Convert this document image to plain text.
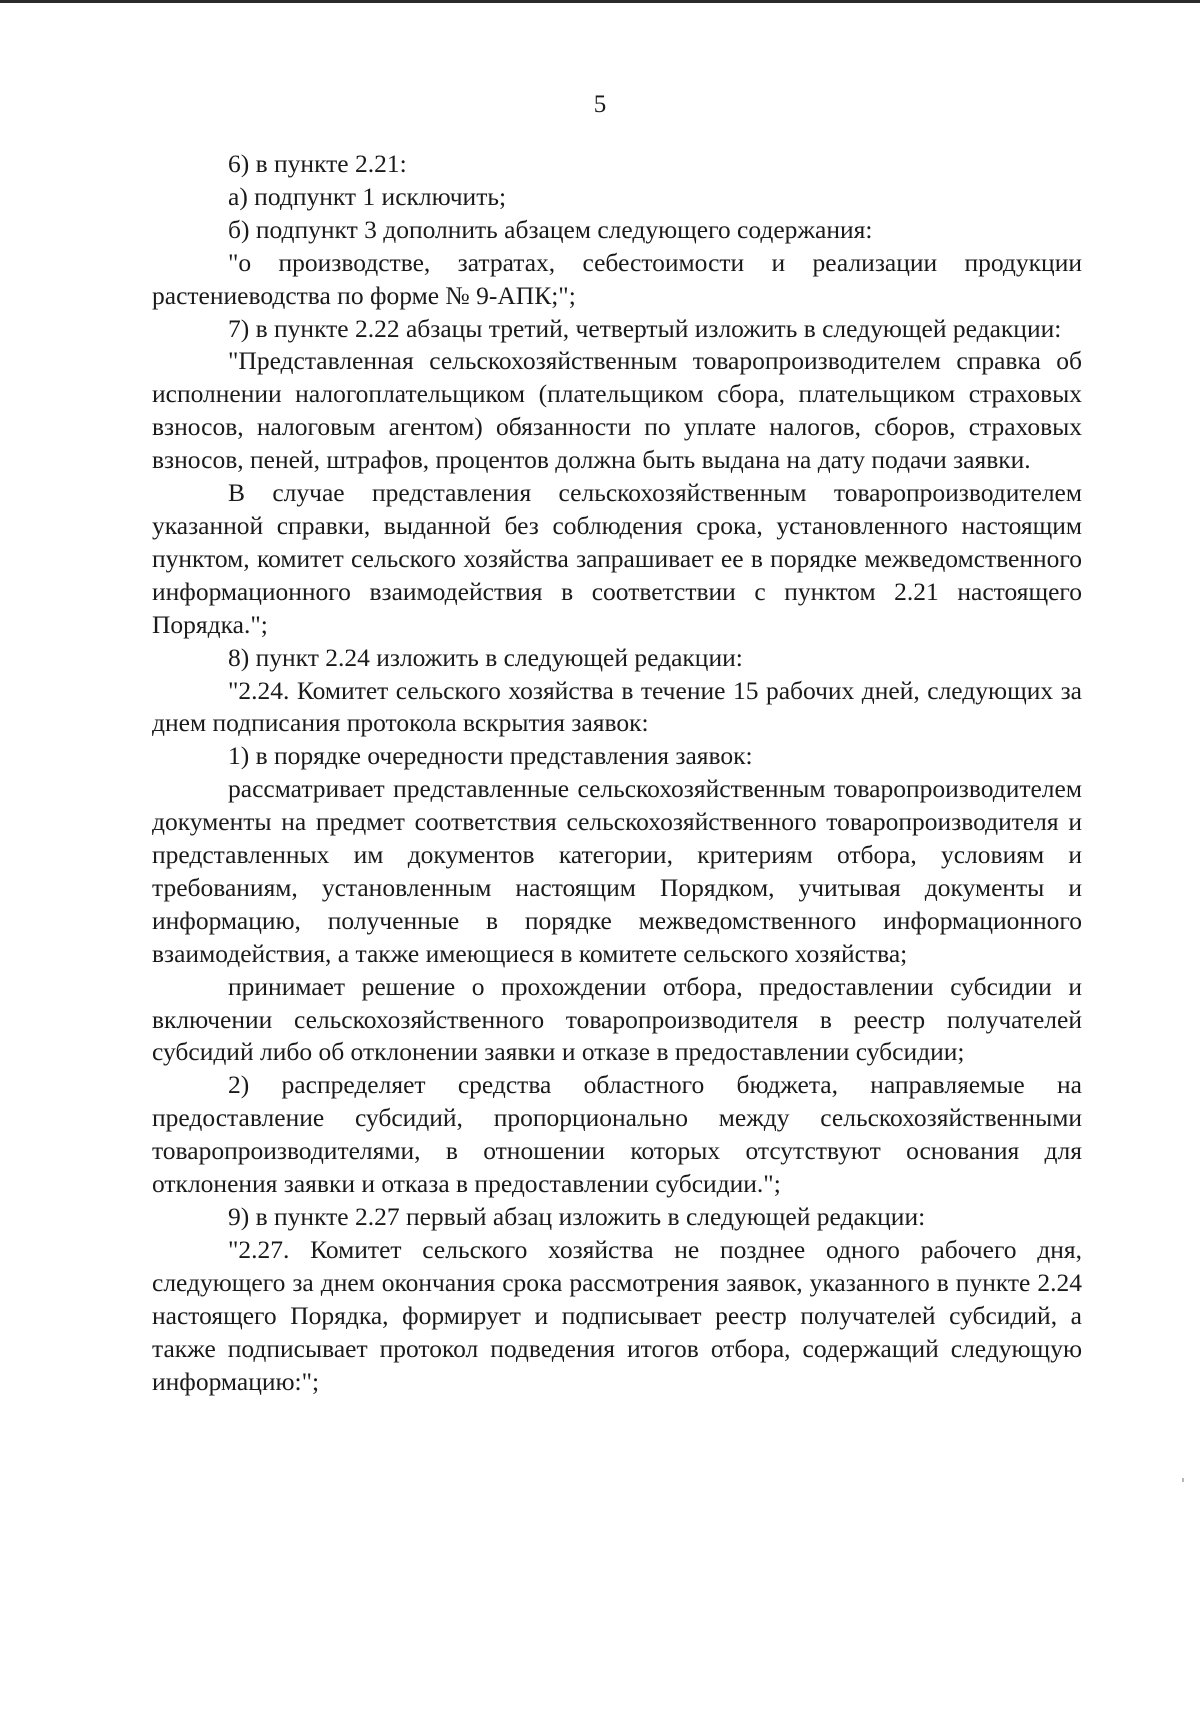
5

6) в пункте 2.21:

а) подпункт 1 исключить;

б) подпункт 3 дополнить абзацем следующего содержания:

"о производстве, затратах, себестоимости и реализации продукции растениеводства по форме № 9-АПК;";

7) в пункте 2.22 абзацы третий, четвертый изложить в следующей редакции:

"Представленная сельскохозяйственным товаропроизводителем справка об исполнении налогоплательщиком (плательщиком сбора, плательщиком страховых взносов, налоговым агентом) обязанности по уплате налогов, сборов, страховых взносов, пеней, штрафов, процентов должна быть выдана на дату подачи заявки.

В случае представления сельскохозяйственным товаропроизводителем указанной справки, выданной без соблюдения срока, установленного настоящим пунктом, комитет сельского хозяйства запрашивает ее в порядке межведомственного информационного взаимодействия в соответствии с пунктом 2.21 настоящего Порядка.";

8) пункт 2.24 изложить в следующей редакции:

"2.24. Комитет сельского хозяйства в течение 15 рабочих дней, следующих за днем подписания протокола вскрытия заявок:

1) в порядке очередности представления заявок:

рассматривает представленные сельскохозяйственным товаропроизводителем документы на предмет соответствия сельскохозяйственного товаропроизводителя и представленных им документов категории, критериям отбора, условиям и требованиям, установленным настоящим Порядком, учитывая документы и информацию, полученные в порядке межведомственного информационного взаимодействия, а также имеющиеся в комитете сельского хозяйства;

принимает решение о прохождении отбора, предоставлении субсидии и включении сельскохозяйственного товаропроизводителя в реестр получателей субсидий либо об отклонении заявки и отказе в предоставлении субсидии;

2) распределяет средства областного бюджета, направляемые на предоставление субсидий, пропорционально между сельскохозяйственными товаропроизводителями, в отношении которых отсутствуют основания для отклонения заявки и отказа в предоставлении субсидии.";

9) в пункте 2.27 первый абзац изложить в следующей редакции:

"2.27. Комитет сельского хозяйства не позднее одного рабочего дня, следующего за днем окончания срока рассмотрения заявок, указанного в пункте 2.24 настоящего Порядка, формирует и подписывает реестр получателей субсидий, а также подписывает протокол подведения итогов отбора, содержащий следующую информацию:";
